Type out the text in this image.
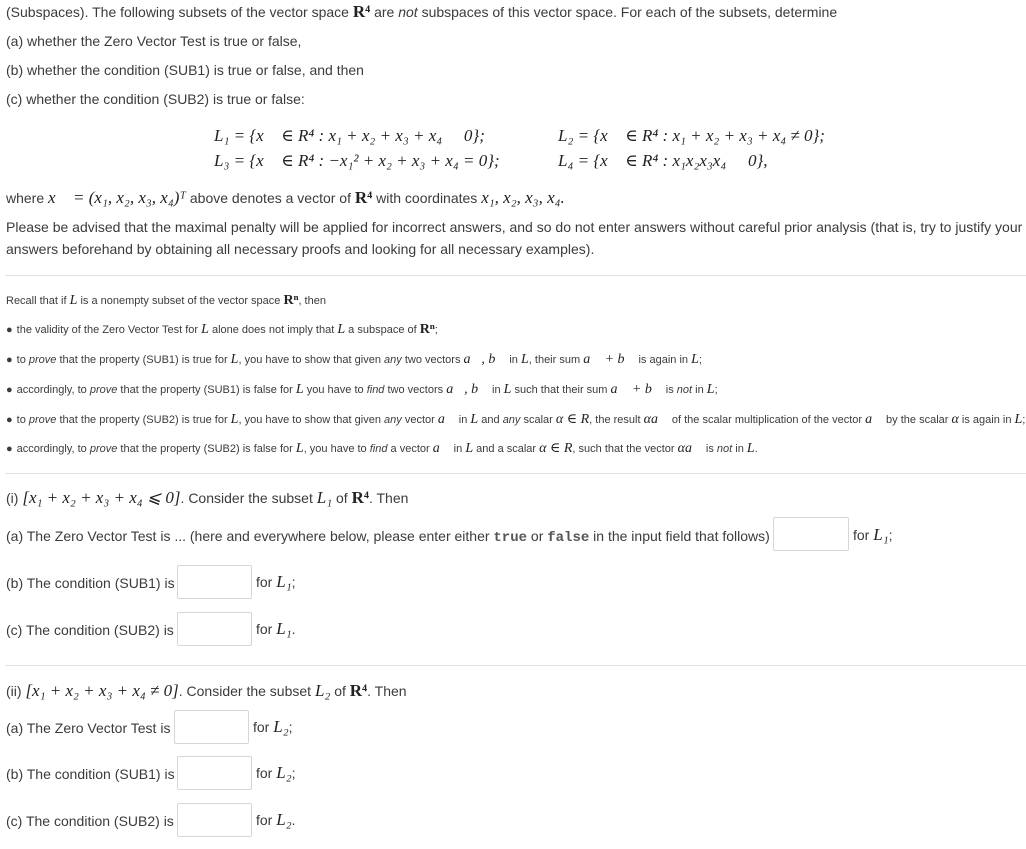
(Subspaces). The following subsets of the vector space R⁴ are not subspaces of this vector space. For each of the subsets, determine
(a) whether the Zero Vector Test is true or false,
(b) whether the condition (SUB1) is true or false, and then
(c) whether the condition (SUB2) is true or false:
L₁ = {x⃗ ∈ R⁴ : x₁ + x₂ + x₃ + x₄ ⩽ 0};	L₂ = {x⃗ ∈ R⁴ : x₁ + x₂ + x₃ + x₄ ≠ 0};
L₃ = {x⃗ ∈ R⁴ : −x₁² + x₂ + x₃ + x₄ = 0};	L₄ = {x⃗ ∈ R⁴ : x₁x₂x₃x₄ ⩾ 0},
where x⃗ = (x₁, x₂, x₃, x₄)ᵀ above denotes a vector of R⁴ with coordinates x₁, x₂, x₃, x₄.
Please be advised that the maximal penalty will be applied for incorrect answers, and so do not enter answers without careful prior analysis (that is, try to justify your
answers beforehand by obtaining all necessary proofs and looking for all necessary examples).
Recall that if L is a nonempty subset of the vector space Rⁿ, then
● the validity of the Zero Vector Test for L alone does not imply that L a subspace of Rⁿ;
● to prove that the property (SUB1) is true for L, you have to show that given any two vectors a⃗, b⃗ in L, their sum a⃗ + b⃗ is again in L;
● accordingly, to prove that the property (SUB1) is false for L you have to find two vectors a⃗, b⃗ in L such that their sum a⃗ + b⃗ is not in L;
● to prove that the property (SUB2) is true for L, you have to show that given any vector a⃗ in L and any scalar α ∈ R, the result αa⃗ of the scalar multiplication of the vector a⃗ by the scalar α is again in L;
● accordingly, to prove that the property (SUB2) is false for L, you have to find a vector a⃗ in L and a scalar α ∈ R, such that the vector αa⃗ is not in L.
(i) [x₁ + x₂ + x₃ + x₄ ⩽ 0]. Consider the subset L₁ of R⁴. Then
(a) The Zero Vector Test is ... (here and everywhere below, please enter either true or false in the input field that follows)	for L₁;
(b) The condition (SUB1) is	for L₁;
(c) The condition (SUB2) is	for L₁.
(ii) [x₁ + x₂ + x₃ + x₄ ≠ 0]. Consider the subset L₂ of R⁴. Then
(a) The Zero Vector Test is	for L₂;
(b) The condition (SUB1) is	for L₂;
(c) The condition (SUB2) is	for L₂.
